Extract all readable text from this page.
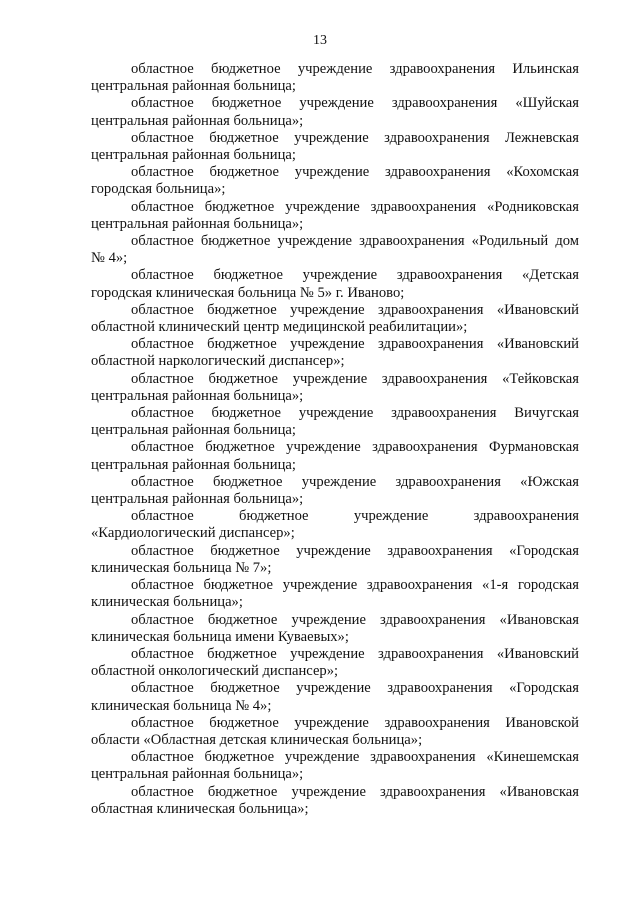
13

областное бюджетное учреждение здравоохранения Ильинская центральная районная больница;

областное бюджетное учреждение здравоохранения «Шуйская центральная районная больница»;

областное бюджетное учреждение здравоохранения Лежневская центральная районная больница;

областное бюджетное учреждение здравоохранения «Кохомская городская больница»;

областное бюджетное учреждение здравоохранения «Родниковская центральная районная больница»;

областное бюджетное учреждение здравоохранения «Родильный дом № 4»;

областное бюджетное учреждение здравоохранения «Детская городская клиническая больница № 5» г. Иваново;

областное бюджетное учреждение здравоохранения «Ивановский областной клинический центр медицинской реабилитации»;

областное бюджетное учреждение здравоохранения «Ивановский областной наркологический диспансер»;

областное бюджетное учреждение здравоохранения «Тейковская центральная районная больница»;

областное бюджетное учреждение здравоохранения Вичугская центральная районная больница;

областное бюджетное учреждение здравоохранения Фурмановская центральная районная больница;

областное бюджетное учреждение здравоохранения «Южская центральная районная больница»;

областное бюджетное учреждение здравоохранения «Кардиологический диспансер»;

областное бюджетное учреждение здравоохранения «Городская клиническая больница № 7»;

областное бюджетное учреждение здравоохранения «1-я городская клиническая больница»;

областное бюджетное учреждение здравоохранения «Ивановская клиническая больница имени Куваевых»;

областное бюджетное учреждение здравоохранения «Ивановский областной онкологический диспансер»;

областное бюджетное учреждение здравоохранения «Городская клиническая больница № 4»;

областное бюджетное учреждение здравоохранения Ивановской области «Областная детская клиническая больница»;

областное бюджетное учреждение здравоохранения «Кинешемская центральная районная больница»;

областное бюджетное учреждение здравоохранения «Ивановская областная клиническая больница»;
